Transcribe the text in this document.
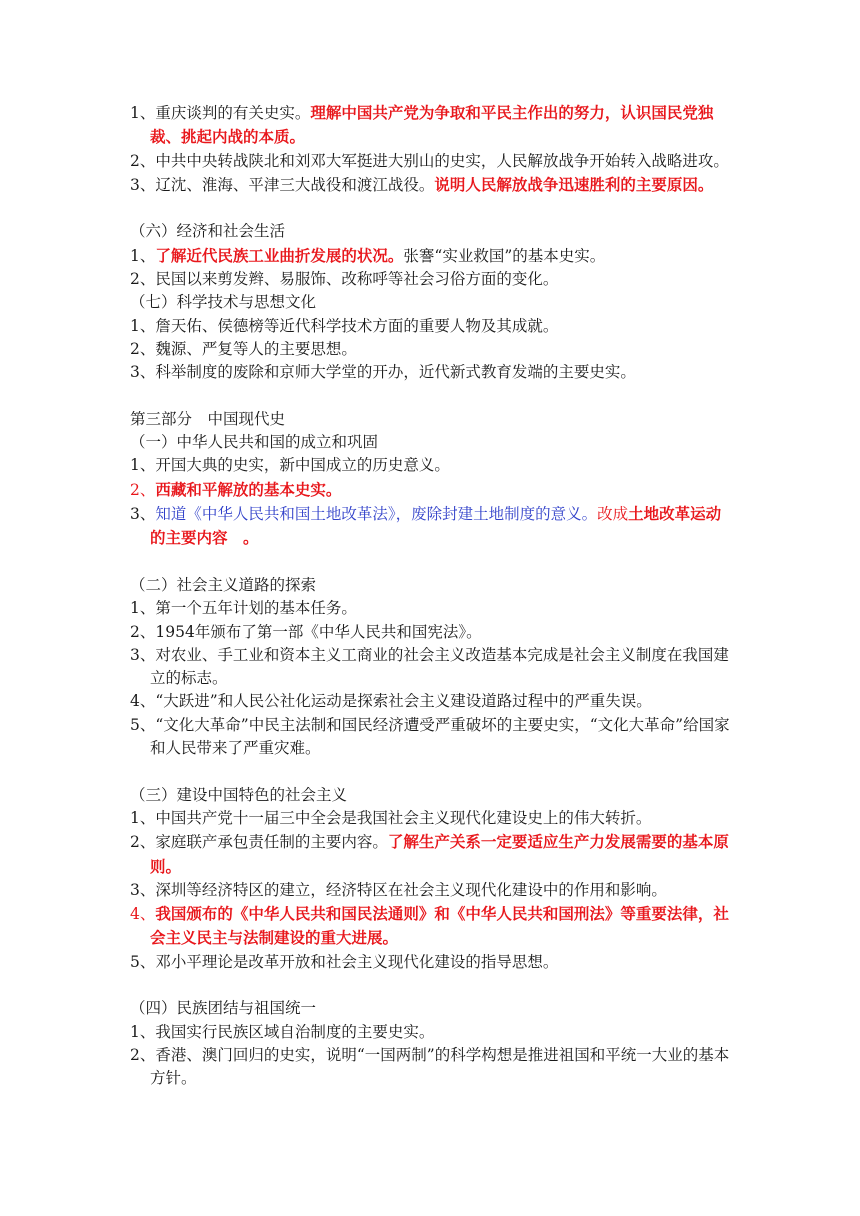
1、重庆谈判的有关史实。理解中国共产党为争取和平民主作出的努力，认识国民党独裁、挑起内战的本质。

2、中共中央转战陕北和刘邓大军挺进大别山的史实，人民解放战争开始转入战略进攻。

3、辽沈、淮海、平津三大战役和渡江战役。说明人民解放战争迅速胜利的主要原因。

（六）经济和社会生活

1、了解近代民族工业曲折发展的状况。张謇“实业救国”的基本史实。

2、民国以来剪发辫、易服饰、改称呼等社会习俗方面的变化。

（七）科学技术与思想文化

1、詹天佑、侯德榜等近代科学技术方面的重要人物及其成就。

2、魏源、严复等人的主要思想。

3、科举制度的废除和京师大学堂的开办，近代新式教育发端的主要史实。

第三部分　中国现代史

（一）中华人民共和国的成立和巩固

1、开国大典的史实，新中国成立的历史意义。

2、西藏和平解放的基本史实。

3、知道《中华人民共和国土地改革法》，废除封建土地制度的意义。改成土地改革运动的主要内容　。

（二）社会主义道路的探索

1、第一个五年计划的基本任务。

2、1954年颁布了第一部《中华人民共和国宪法》。

3、对农业、手工业和资本主义工商业的社会主义改造基本完成是社会主义制度在我国建立的标志。

4、“大跃进”和人民公社化运动是探索社会主义建设道路过程中的严重失误。

5、“文化大革命”中民主法制和国民经济遭受严重破坏的主要史实，“文化大革命”给国家和人民带来了严重灾难。

（三）建设中国特色的社会主义

1、中国共产党十一届三中全会是我国社会主义现代化建设史上的伟大转折。

2、家庭联产承包责任制的主要内容。了解生产关系一定要适应生产力发展需要的基本原则。

3、深圳等经济特区的建立，经济特区在社会主义现代化建设中的作用和影响。

4、我国颁布的《中华人民共和国民法通则》和《中华人民共和国刑法》等重要法律，社会主义民主与法制建设的重大进展。

5、邓小平理论是改革开放和社会主义现代化建设的指导思想。

（四）民族团结与祖国统一

1、我国实行民族区域自治制度的主要史实。

2、香港、澳门回归的史实，说明“一国两制”的科学构想是推进祖国和平统一大业的基本方针。
